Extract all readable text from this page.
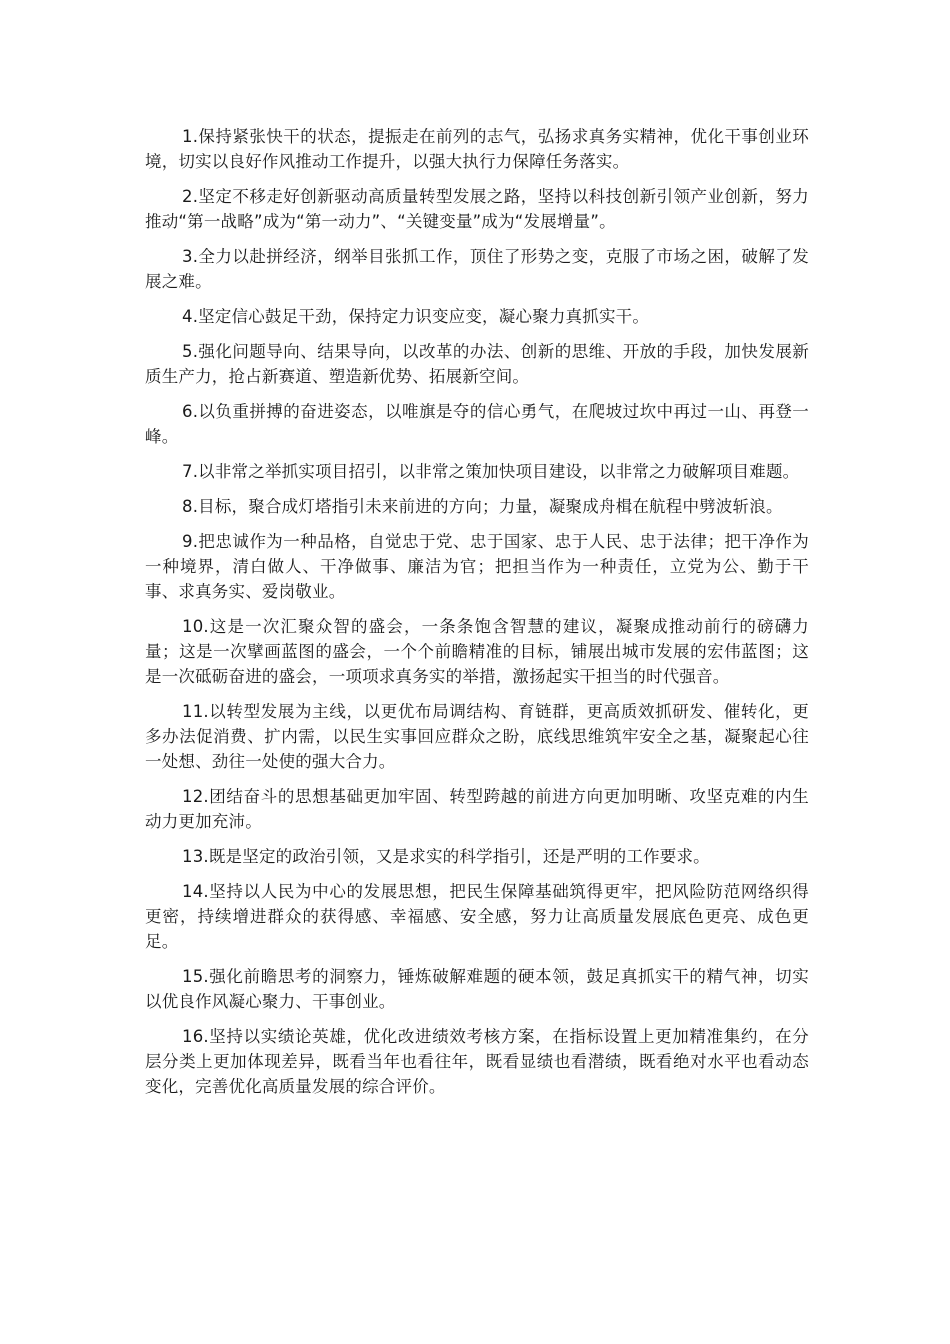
1.保持紧张快干的状态，提振走在前列的志气，弘扬求真务实精神，优化干事创业环境，切实以良好作风推动工作提升，以强大执行力保障任务落实。

2.坚定不移走好创新驱动高质量转型发展之路，坚持以科技创新引领产业创新，努力推动“第一战略”成为“第一动力”、“关键变量”成为“发展增量”。

3.全力以赴拼经济，纲举目张抓工作，顶住了形势之变，克服了市场之困，破解了发展之难。

4.坚定信心鼓足干劲，保持定力识变应变，凝心聚力真抓实干。

5.强化问题导向、结果导向，以改革的办法、创新的思维、开放的手段，加快发展新质生产力，抢占新赛道、塑造新优势、拓展新空间。

6.以负重拼搏的奋进姿态，以唯旗是夺的信心勇气，在爬坡过坎中再过一山、再登一峰。

7.以非常之举抓实项目招引，以非常之策加快项目建设，以非常之力破解项目难题。

8.目标，聚合成灯塔指引未来前进的方向；力量，凝聚成舟楫在航程中劈波斩浪。

9.把忠诚作为一种品格，自觉忠于党、忠于国家、忠于人民、忠于法律；把干净作为一种境界，清白做人、干净做事、廉洁为官；把担当作为一种责任，立党为公、勤于干事、求真务实、爱岗敬业。

10.这是一次汇聚众智的盛会，一条条饱含智慧的建议，凝聚成推动前行的磅礴力量；这是一次擘画蓝图的盛会，一个个前瞻精准的目标，铺展出城市发展的宏伟蓝图；这是一次砥砺奋进的盛会，一项项求真务实的举措，激扬起实干担当的时代强音。

11.以转型发展为主线，以更优布局调结构、育链群，更高质效抓研发、催转化，更多办法促消费、扩内需，以民生实事回应群众之盼，底线思维筑牢安全之基，凝聚起心往一处想、劲往一处使的强大合力。

12.团结奋斗的思想基础更加牢固、转型跨越的前进方向更加明晰、攻坚克难的内生动力更加充沛。

13.既是坚定的政治引领，又是求实的科学指引，还是严明的工作要求。

14.坚持以人民为中心的发展思想，把民生保障基础筑得更牢，把风险防范网络织得更密，持续增进群众的获得感、幸福感、安全感，努力让高质量发展底色更亮、成色更足。

15.强化前瞻思考的洞察力，锤炼破解难题的硬本领，鼓足真抓实干的精气神，切实以优良作风凝心聚力、干事创业。

16.坚持以实绩论英雄，优化改进绩效考核方案，在指标设置上更加精准集约，在分层分类上更加体现差异，既看当年也看往年，既看显绩也看潜绩，既看绝对水平也看动态变化，完善优化高质量发展的综合评价。
